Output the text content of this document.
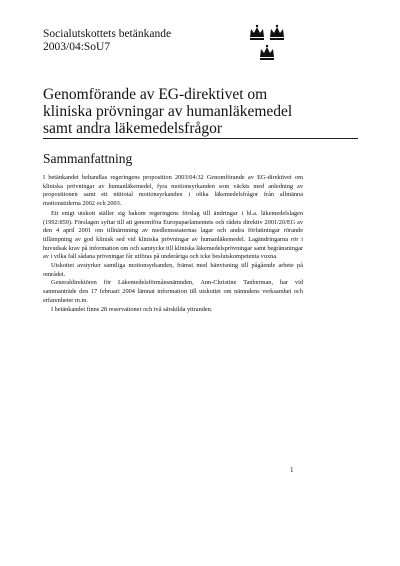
Socialutskottets betänkande
2003/04:SoU7
Genomförande av EG-direktivet om
kliniska prövningar av humanläkemedel
samt andra läkemedelsfrågor
Sammanfattning

I betänkandet behandlas regeringens proposition 2003/04:32 Genomförande av EG-direktivet om kliniska prövningar av humanläkemedel, fyra motionsyrkanden som väckts med anledning av propositionen samt ett nittiotal motionsyrkanden i olika läkemedelsfrågor från allmänna motionstiderna 2002 och 2003.

Ett enigt utskott ställer sig bakom regeringens förslag till ändringar i bl.a. läkemedelslagen (1992:859). Förslagen syftar till att genomföra Europaparlamentets och rådets direktiv 2001/20/EG av den 4 april 2001 om tillnärmning av medlemsstaternas lagar och andra författningar rörande tillämpning av god klinisk sed vid kliniska prövningar av humanläkemedel. Lagändringarna rör i huvudsak krav på information om och samtycke till kliniska läkemedelsprövningar samt begränsningar av i vilka fall sådana prövningar får utföras på underåriga och icke beslutskompetenta vuxna.

Utskottet avstyrker samtliga motionsyrkanden, främst med hänvisning till pågående arbete på området.

Generaldirektören för Läkemedelsförmånsnämnden, Ann-Christine Tanberman, har vid sammanträde den 17 februari 2004 lämnat information till utskottet om nämndens verksamhet och erfarenheter m.m.

I betänkandet finns 28 reservationer och två särskilda yttranden.

1
